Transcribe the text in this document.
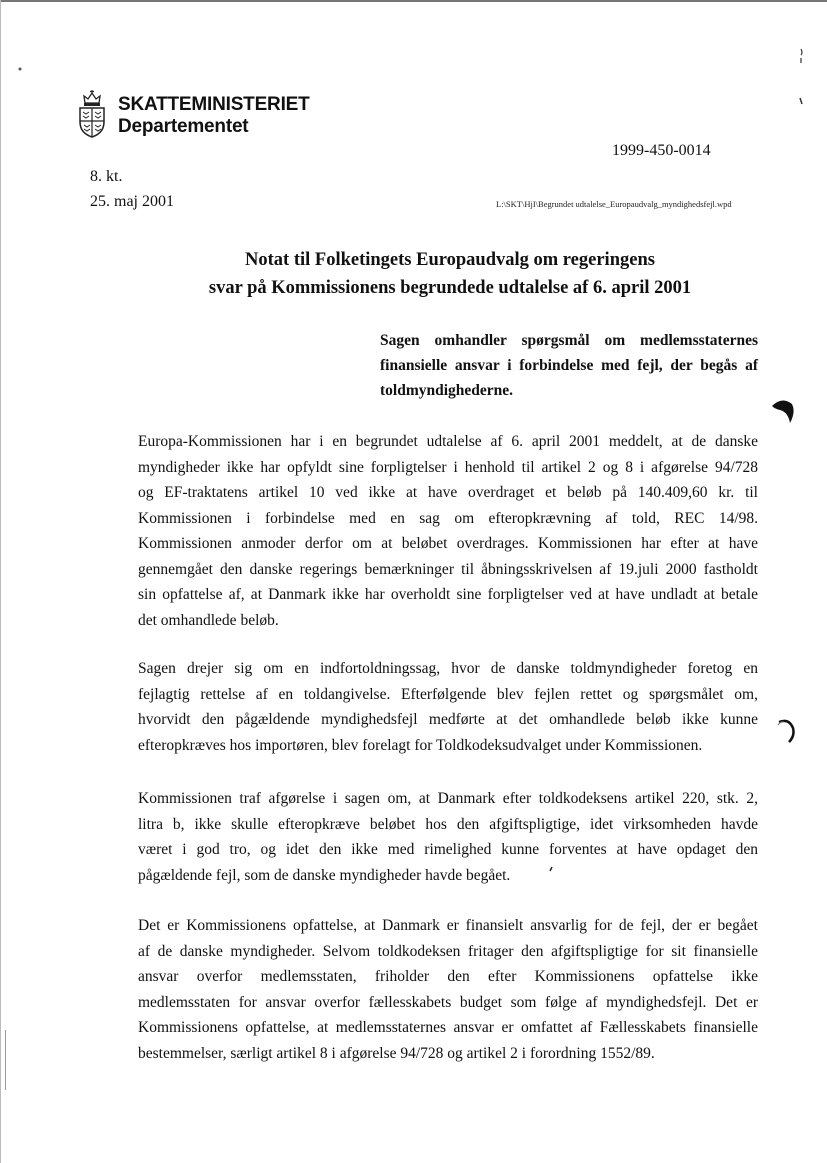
SKATTEMINISTERIET
Departementet
1999-450-0014
8. kt.
25. maj 2001	L:\SKT\HjI\Begrundet udtalelse_Europaudvalg_myndighedsfejl.wpd
Notat til Folketingets Europaudvalg om regeringens
svar på Kommissionens begrundede udtalelse af 6. april 2001
Sagen omhandler spørgsmål om medlemsstaternes
finansielle ansvar i forbindelse med fejl, der begås af
toldmyndighederne.
Europa-Kommissionen har i en begrundet udtalelse af 6. april 2001 meddelt, at de danske
myndigheder ikke har opfyldt sine forpligtelser i henhold til artikel 2 og 8 i afgørelse 94/728
og EF-traktatens artikel 10 ved ikke at have overdraget et beløb på 140.409,60 kr. til
Kommissionen i forbindelse med en sag om efteropkrævning af told, REC 14/98.
Kommissionen anmoder derfor om at beløbet overdrages. Kommissionen har efter at have
gennemgået den danske regerings bemærkninger til åbningsskrivelsen af 19.juli 2000 fastholdt
sin opfattelse af, at Danmark ikke har overholdt sine forpligtelser ved at have undladt at betale
det omhandlede beløb.
Sagen drejer sig om en indfortoldningssag, hvor de danske toldmyndigheder foretog en
fejlagtig rettelse af en toldangivelse. Efterfølgende blev fejlen rettet og spørgsmålet om,
hvorvidt den pågældende myndighedsfejl medførte at det omhandlede beløb ikke kunne
efteropkræves hos importøren, blev forelagt for Toldkodeksudvalget under Kommissionen.
Kommissionen traf afgørelse i sagen om, at Danmark efter toldkodeksens artikel 220, stk. 2,
litra b, ikke skulle efteropkræve beløbet hos den afgiftspligtige, idet virksomheden havde
været i god tro, og idet den ikke med rimelighed kunne forventes at have opdaget den
pågældende fejl, som de danske myndigheder havde begået.
Det er Kommissionens opfattelse, at Danmark er finansielt ansvarlig for de fejl, der er begået
af de danske myndigheder. Selvom toldkodeksen fritager den afgiftspligtige for sit finansielle
ansvar overfor medlemsstaten, friholder den efter Kommissionens opfattelse ikke
medlemsstaten for ansvar overfor fællesskabets budget som følge af myndighedsfejl. Det er
Kommissionens opfattelse, at medlemsstaternes ansvar er omfattet af Fællesskabets finansielle
bestemmelser, særligt artikel 8 i afgørelse 94/728 og artikel 2 i forordning 1552/89.
